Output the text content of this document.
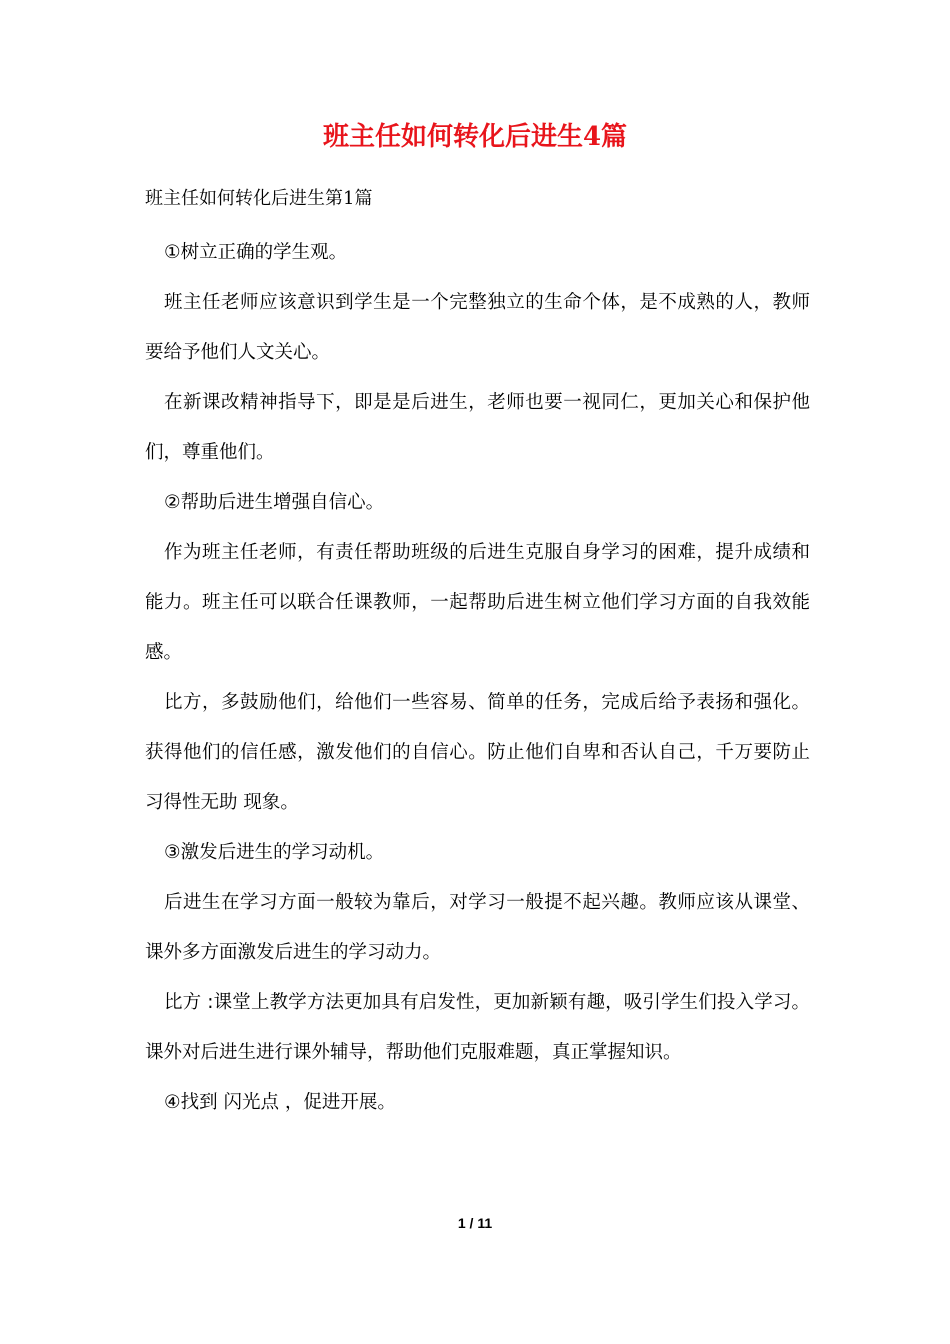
班主任如何转化后进生4篇
班主任如何转化后进生第1篇

①树立正确的学生观。

班主任老师应该意识到学生是一个完整独立的生命个体，是不成熟的人，教师要给予他们人文关心。

在新课改精神指导下，即是是后进生，老师也要一视同仁，更加关心和保护他们，尊重他们。

②帮助后进生增强自信心。

作为班主任老师，有责任帮助班级的后进生克服自身学习的困难，提升成绩和能力。班主任可以联合任课教师，一起帮助后进生树立他们学习方面的自我效能感。

比方，多鼓励他们，给他们一些容易、简单的任务，完成后给予表扬和强化。获得他们的信任感，激发他们的自信心。防止他们自卑和否认自己，千万要防止习得性无助 现象。

③激发后进生的学习动机。

后进生在学习方面一般较为靠后，对学习一般提不起兴趣。教师应该从课堂、课外多方面激发后进生的学习动力。

比方 :课堂上教学方法更加具有启发性，更加新颖有趣，吸引学生们投入学习。课外对后进生进行课外辅导，帮助他们克服难题，真正掌握知识。

④找到 闪光点 ，促进开展。

1 / 11
